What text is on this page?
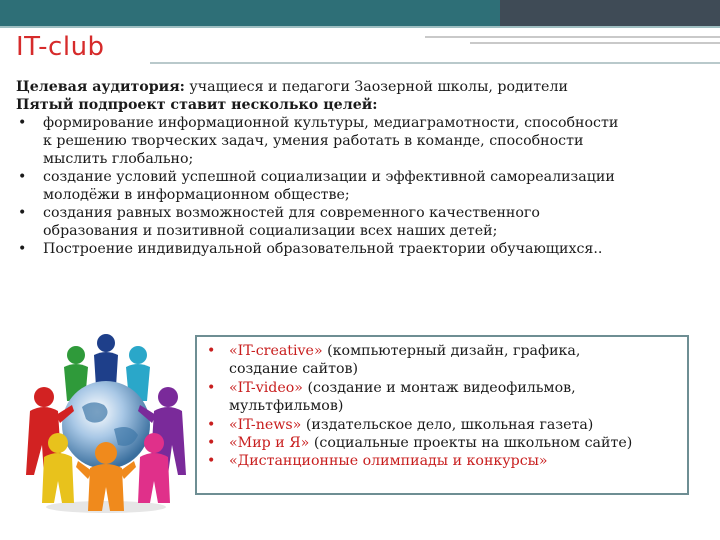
IT-club

Целевая аудитория: учащиеся и педагоги Заозерной школы, родители

Пятый подпроект ставит несколько целей:

• формирование информационной культуры, медиаграмотности, способности
к решению творческих задач, умения работать в команде, способности
мыслить глобально;
• создание условий успешной социализации и эффективной самореализации
молодёжи в информационном обществе;
• создания равных возможностей для современного качественного
образования и позитивной социализации всех наших детей;
• Построение индивидуальной образовательной траектории обучающихся..
• «IT-creative» (компьютерный дизайн, графика,
создание сайтов)
• «IT-video» (создание и монтаж видеофильмов,
мультфильмов)
• «IT-news» (издательское дело, школьная газета)
• «Мир и Я» (социальные проекты на школьном сайте)
• «Дистанционные олимпиады и конкурсы»
